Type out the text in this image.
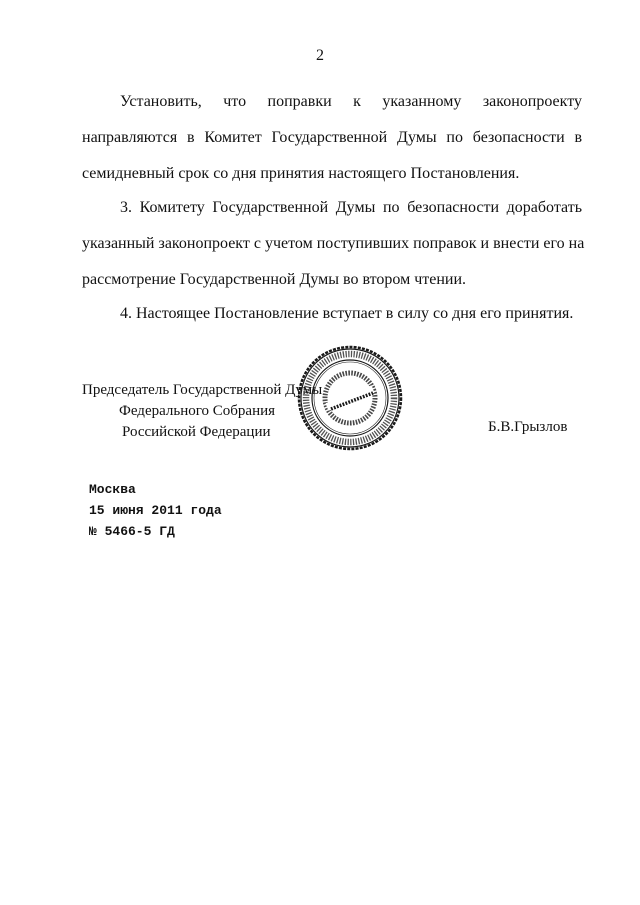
2
Установить, что поправки к указанному законопроекту
направляются в Комитет Государственной Думы по безопасности в
семидневный срок со дня принятия настоящего Постановления.
3. Комитету Государственной Думы по безопасности доработать
указанный законопроект с учетом поступивших поправок и внести его на
рассмотрение Государственной Думы во втором чтении.
4. Настоящее Постановление вступает в силу со дня его принятия.
Председатель Государственной Думы
Федерального Собрания
Российской Федерации	Б.В.Грызлов
Москва
15 июня 2011 года
№ 5466-5 ГД
